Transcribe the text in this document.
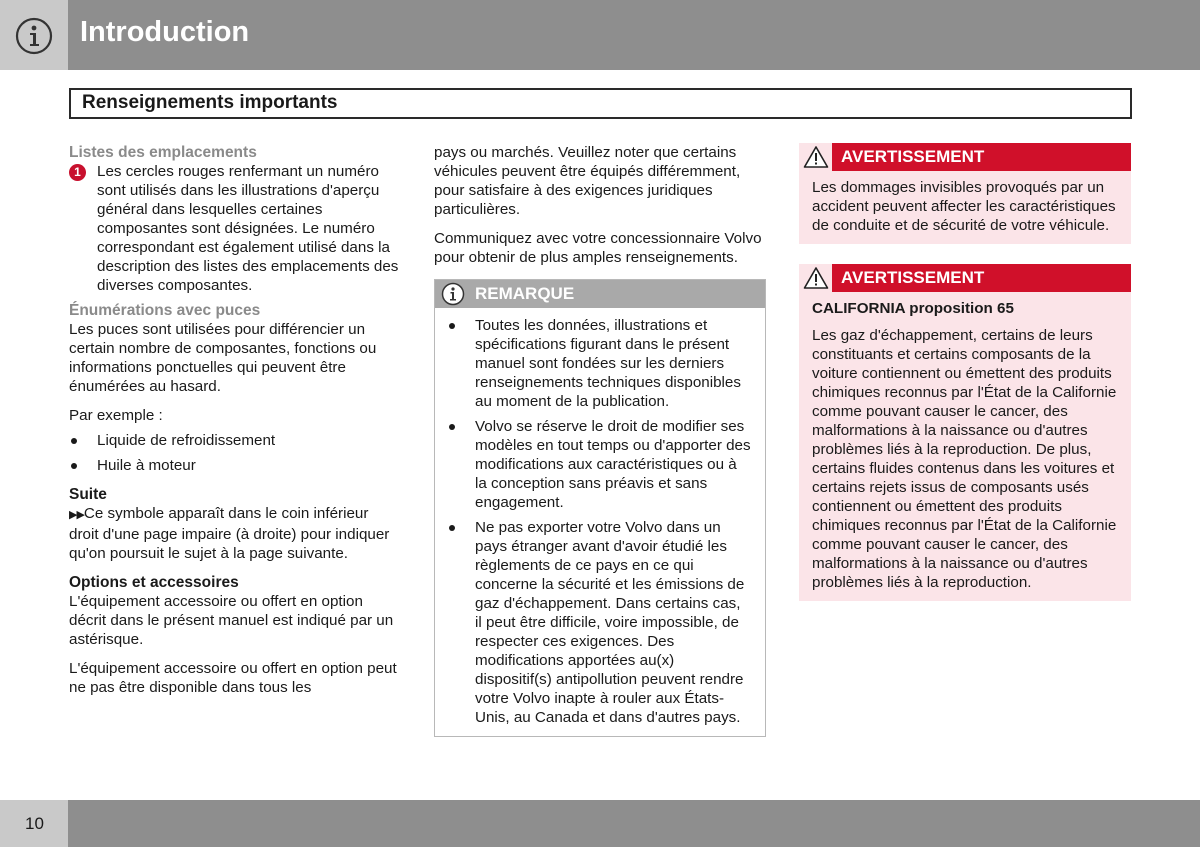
Introduction
Renseignements importants

Listes des emplacements

1	Les cercles rouges renfermant un numéro sont utilisés dans les illustrations d'aperçu général dans lesquelles certaines composantes sont désignées. Le numéro correspondant est également utilisé dans la description des listes des emplacements des diverses composantes.

Énumérations avec puces

Les puces sont utilisées pour différencier un certain nombre de composantes, fonctions ou informations ponctuelles qui peuvent être énumérées au hasard.

Par exemple :

Liquide de refroidissement
Huile à moteur

Suite

▶▶Ce symbole apparaît dans le coin inférieur droit d'une page impaire (à droite) pour indiquer qu'on poursuit le sujet à la page suivante.

Options et accessoires

L'équipement accessoire ou offert en option décrit dans le présent manuel est indiqué par un astérisque.

L'équipement accessoire ou offert en option peut ne pas être disponible dans tous les

pays ou marchés. Veuillez noter que certains véhicules peuvent être équipés différemment, pour satisfaire à des exigences juridiques particulières.

Communiquez avec votre concessionnaire Volvo pour obtenir de plus amples renseignements.

REMARQUE
Toutes les données, illustrations et spécifications figurant dans le présent manuel sont fondées sur les derniers renseignements techniques disponibles au moment de la publication.
Volvo se réserve le droit de modifier ses modèles en tout temps ou d'apporter des modifications aux caractéristiques ou à la conception sans préavis et sans engagement.
Ne pas exporter votre Volvo dans un pays étranger avant d'avoir étudié les règlements de ce pays en ce qui concerne la sécurité et les émissions de gaz d'échappement. Dans certains cas, il peut être difficile, voire impossible, de respecter ces exigences. Des modifications apportées au(x) dispositif(s) antipollution peuvent rendre votre Volvo inapte à rouler aux États-Unis, au Canada et dans d'autres pays.
AVERTISSEMENT

Les dommages invisibles provoqués par un accident peuvent affecter les caractéristiques de conduite et de sécurité de votre véhicule.

AVERTISSEMENT

CALIFORNIA proposition 65

Les gaz d'échappement, certains de leurs constituants et certains composants de la voiture contiennent ou émettent des produits chimiques reconnus par l'État de la Californie comme pouvant causer le cancer, des malformations à la naissance ou d'autres problèmes liés à la reproduction. De plus, certains fluides contenus dans les voitures et certains rejets issus de composants usés contiennent ou émettent des produits chimiques reconnus par l'État de la Californie comme pouvant causer le cancer, des malformations à la naissance ou d'autres problèmes liés à la reproduction.

10
